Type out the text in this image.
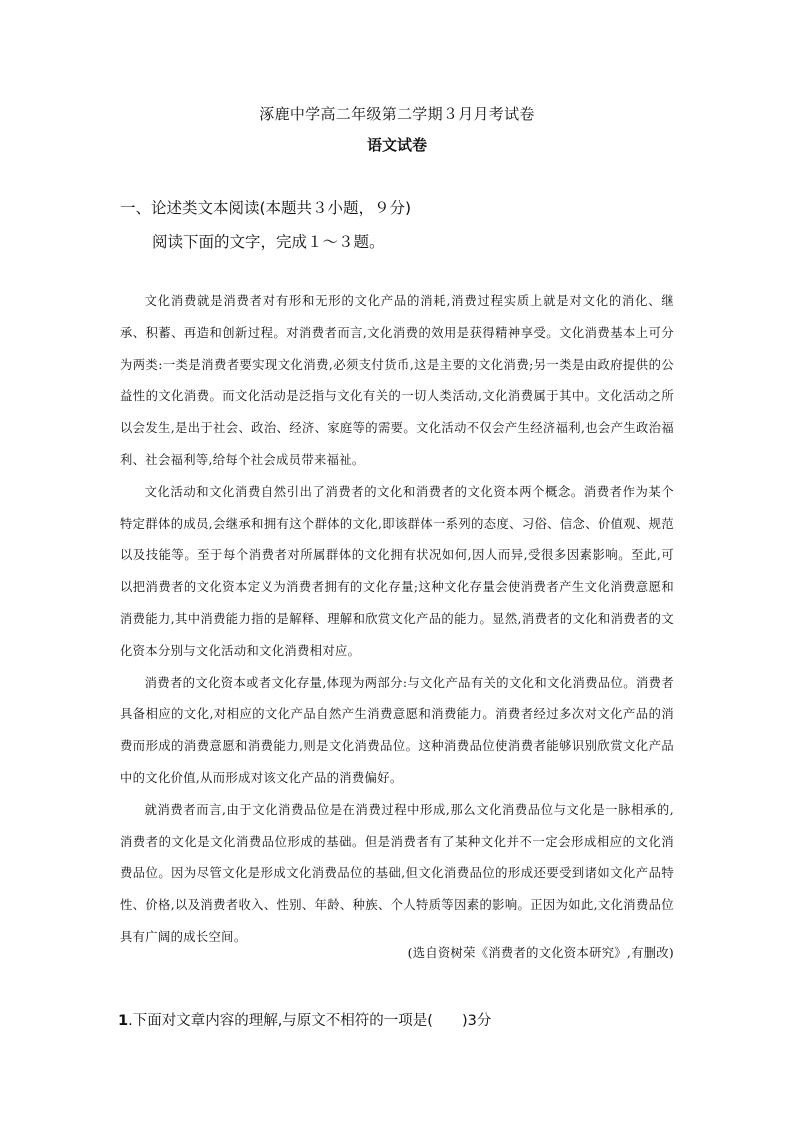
涿鹿中学高二年级第二学期３月月考试卷
语文试卷
一、论述类文本阅读(本题共３小题，９分)
阅读下面的文字，完成１～３题。

文化消费就是消费者对有形和无形的文化产品的消耗,消费过程实质上就是对文化的消化、继承、积蓄、再造和创新过程。对消费者而言,文化消费的效用是获得精神享受。文化消费基本上可分为两类:一类是消费者要实现文化消费,必须支付货币,这是主要的文化消费;另一类是由政府提供的公益性的文化消费。而文化活动是泛指与文化有关的一切人类活动,文化消费属于其中。文化活动之所以会发生,是出于社会、政治、经济、家庭等的需要。文化活动不仅会产生经济福利,也会产生政治福利、社会福利等,给每个社会成员带来福祉。

文化活动和文化消费自然引出了消费者的文化和消费者的文化资本两个概念。消费者作为某个特定群体的成员,会继承和拥有这个群体的文化,即该群体一系列的态度、习俗、信念、价值观、规范以及技能等。至于每个消费者对所属群体的文化拥有状况如何,因人而异,受很多因素影响。至此,可以把消费者的文化资本定义为消费者拥有的文化存量;这种文化存量会使消费者产生文化消费意愿和消费能力,其中消费能力指的是解释、理解和欣赏文化产品的能力。显然,消费者的文化和消费者的文化资本分别与文化活动和文化消费相对应。

消费者的文化资本或者文化存量,体现为两部分:与文化产品有关的文化和文化消费品位。消费者具备相应的文化,对相应的文化产品自然产生消费意愿和消费能力。消费者经过多次对文化产品的消费而形成的消费意愿和消费能力,则是文化消费品位。这种消费品位使消费者能够识别欣赏文化产品中的文化价值,从而形成对该文化产品的消费偏好。

就消费者而言,由于文化消费品位是在消费过程中形成,那么文化消费品位与文化是一脉相承的,消费者的文化是文化消费品位形成的基础。但是消费者有了某种文化并不一定会形成相应的文化消费品位。因为尽管文化是形成文化消费品位的基础,但文化消费品位的形成还要受到诸如文化产品特性、价格,以及消费者收入、性别、年龄、种族、个人特质等因素的影响。正因为如此,文化消费品位具有广阔的成长空间。

(选自资树荣《消费者的文化资本研究》,有删改)
1.下面对文章内容的理解,与原文不相符的一项是(　　)3分
